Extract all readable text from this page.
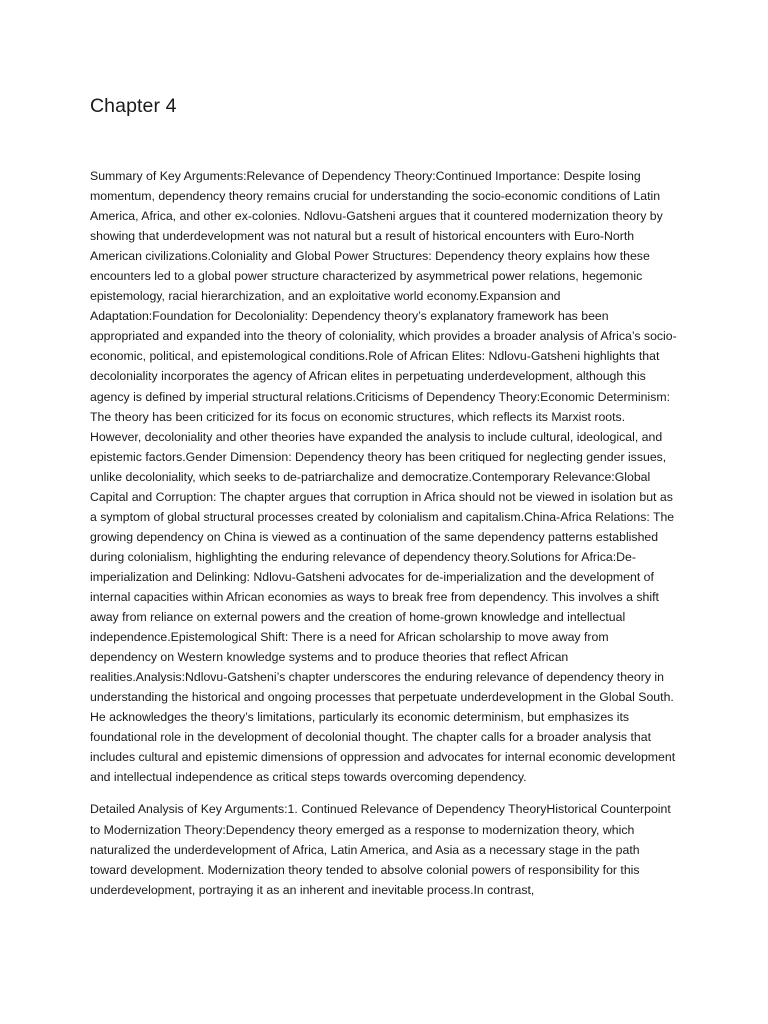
Chapter 4

Summary of Key Arguments:Relevance of Dependency Theory:Continued Importance: Despite losing momentum, dependency theory remains crucial for understanding the socio-economic conditions of Latin America, Africa, and other ex-colonies. Ndlovu-Gatsheni argues that it countered modernization theory by showing that underdevelopment was not natural but a result of historical encounters with Euro-North American civilizations.Coloniality and Global Power Structures: Dependency theory explains how these encounters led to a global power structure characterized by asymmetrical power relations, hegemonic epistemology, racial hierarchization, and an exploitative world economy.Expansion and Adaptation:Foundation for Decoloniality: Dependency theory’s explanatory framework has been appropriated and expanded into the theory of coloniality, which provides a broader analysis of Africa’s socio-economic, political, and epistemological conditions.Role of African Elites: Ndlovu-Gatsheni highlights that decoloniality incorporates the agency of African elites in perpetuating underdevelopment, although this agency is defined by imperial structural relations.Criticisms of Dependency Theory:Economic Determinism: The theory has been criticized for its focus on economic structures, which reflects its Marxist roots. However, decoloniality and other theories have expanded the analysis to include cultural, ideological, and epistemic factors.Gender Dimension: Dependency theory has been critiqued for neglecting gender issues, unlike decoloniality, which seeks to de-patriarchalize and democratize.Contemporary Relevance:Global Capital and Corruption: The chapter argues that corruption in Africa should not be viewed in isolation but as a symptom of global structural processes created by colonialism and capitalism.China-Africa Relations: The growing dependency on China is viewed as a continuation of the same dependency patterns established during colonialism, highlighting the enduring relevance of dependency theory.Solutions for Africa:De-imperialization and Delinking: Ndlovu-Gatsheni advocates for de-imperialization and the development of internal capacities within African economies as ways to break free from dependency. This involves a shift away from reliance on external powers and the creation of home-grown knowledge and intellectual independence.Epistemological Shift: There is a need for African scholarship to move away from dependency on Western knowledge systems and to produce theories that reflect African realities.Analysis:Ndlovu-Gatsheni’s chapter underscores the enduring relevance of dependency theory in understanding the historical and ongoing processes that perpetuate underdevelopment in the Global South. He acknowledges the theory’s limitations, particularly its economic determinism, but emphasizes its foundational role in the development of decolonial thought. The chapter calls for a broader analysis that includes cultural and epistemic dimensions of oppression and advocates for internal economic development and intellectual independence as critical steps towards overcoming dependency.

Detailed Analysis of Key Arguments:1. Continued Relevance of Dependency TheoryHistorical Counterpoint to Modernization Theory:Dependency theory emerged as a response to modernization theory, which naturalized the underdevelopment of Africa, Latin America, and Asia as a necessary stage in the path toward development. Modernization theory tended to absolve colonial powers of responsibility for this underdevelopment, portraying it as an inherent and inevitable process.In contrast,
